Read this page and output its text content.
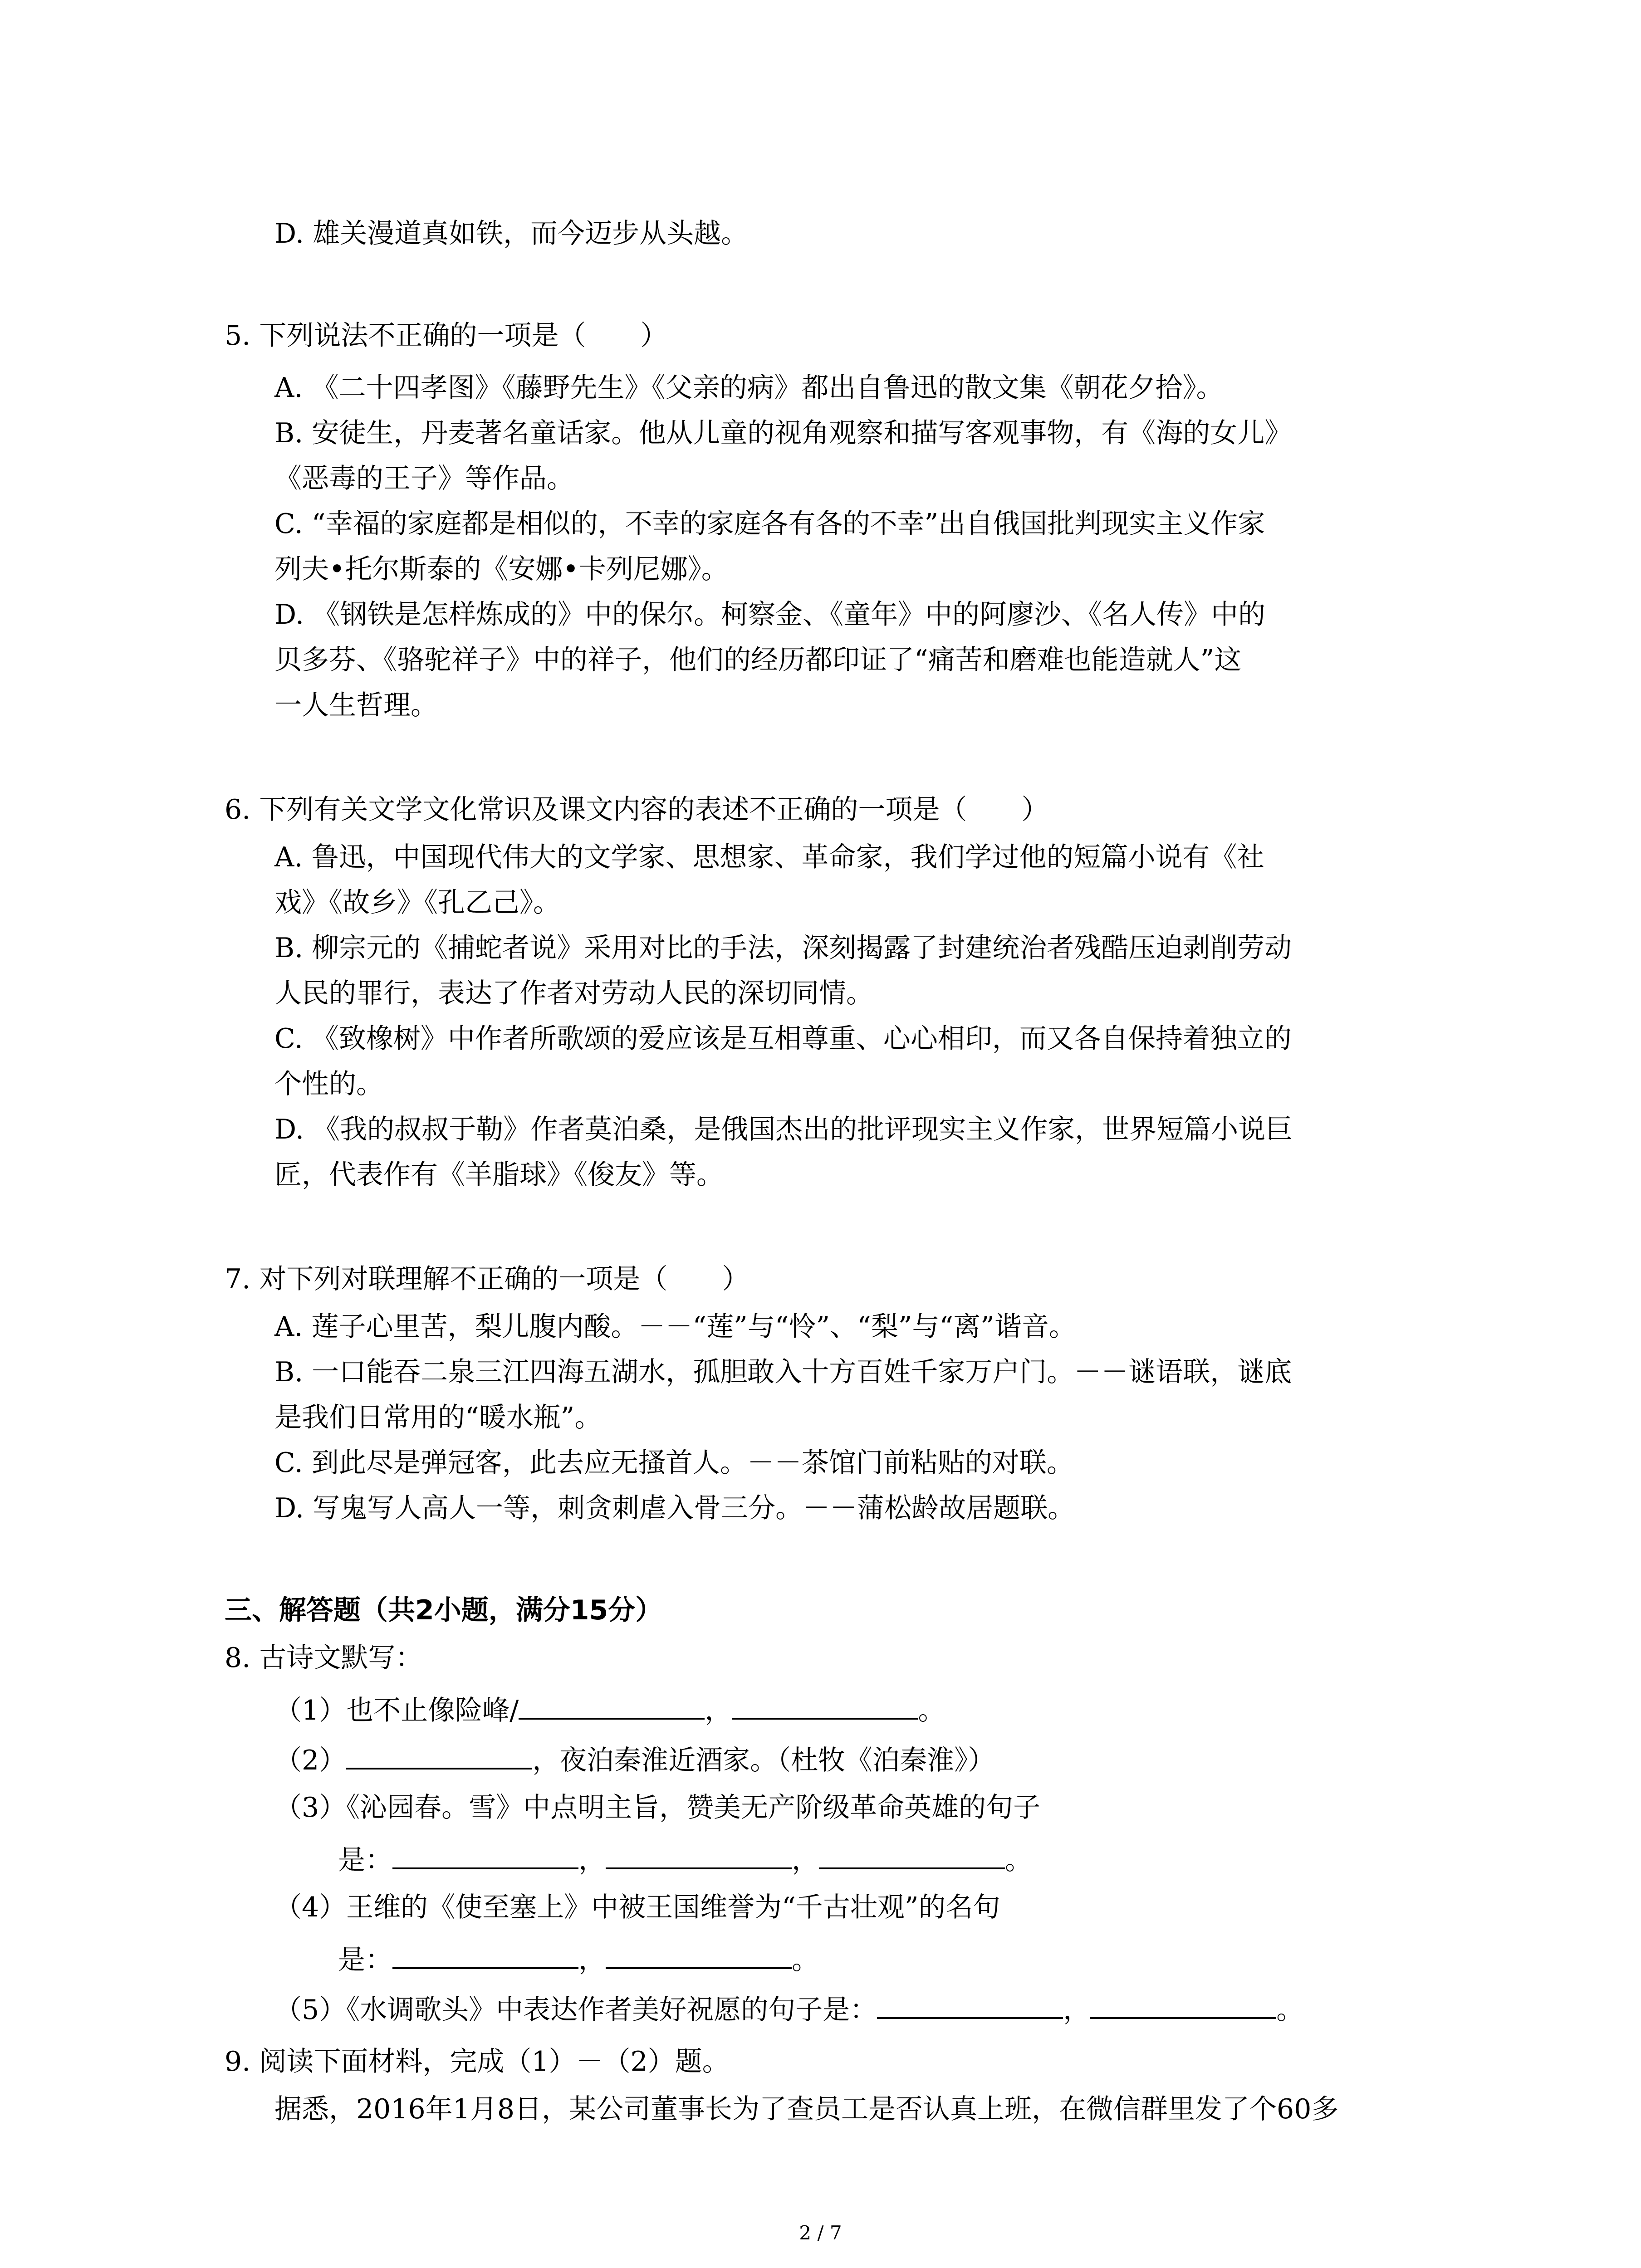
D. 雄关漫道真如铁，而今迈步从头越。
5. 下列说法不正确的一项是（　　）
A. 《二十四孝图》《藤野先生》《父亲的病》都出自鲁迅的散文集《朝花夕拾》。
B. 安徒生，丹麦著名童话家。他从儿童的视角观察和描写客观事物，有《海的女儿》
《恶毒的王子》等作品。
C. “幸福的家庭都是相似的，不幸的家庭各有各的不幸”出自俄国批判现实主义作家
列夫•托尔斯泰的《安娜•卡列尼娜》。
D. 《钢铁是怎样炼成的》中的保尔。柯察金、《童年》中的阿廖沙、《名人传》中的
贝多芬、《骆驼祥子》中的祥子，他们的经历都印证了“痛苦和磨难也能造就人”这
一人生哲理。
6. 下列有关文学文化常识及课文内容的表述不正确的一项是（　　）
A. 鲁迅，中国现代伟大的文学家、思想家、革命家，我们学过他的短篇小说有《社
戏》《故乡》《孔乙己》。
B. 柳宗元的《捕蛇者说》采用对比的手法，深刻揭露了封建统治者残酷压迫剥削劳动
人民的罪行，表达了作者对劳动人民的深切同情。
C. 《致橡树》中作者所歌颂的爱应该是互相尊重、心心相印，而又各自保持着独立的
个性的。
D. 《我的叔叔于勒》作者莫泊桑，是俄国杰出的批评现实主义作家，世界短篇小说巨
匠，代表作有《羊脂球》《俊友》等。
7. 对下列对联理解不正确的一项是（　　）
A. 莲子心里苦，梨儿腹内酸。－－“莲”与“怜”、“梨”与“离”谐音。
B. 一口能吞二泉三江四海五湖水，孤胆敢入十方百姓千家万户门。－－谜语联，谜底
是我们日常用的“暖水瓶”。
C. 到此尽是弹冠客，此去应无搔首人。－－茶馆门前粘贴的对联。
D. 写鬼写人高人一等，刺贪刺虐入骨三分。－－蒲松龄故居题联。
三、解答题（共2小题，满分15分）
8. 古诗文默写：
（1）也不止像险峰/	，	。
（2）	，夜泊秦淮近酒家。（杜牧《泊秦淮》）
（3）《沁园春。雪》中点明主旨，赞美无产阶级革命英雄的句子
是：	，	，	。
（4）王维的《使至塞上》中被王国维誉为“千古壮观”的名句
是：	，	。
（5）《水调歌头》中表达作者美好祝愿的句子是：	，	。
9. 阅读下面材料，完成（1）－（2）题。
据悉，2016年1月8日，某公司董事长为了查员工是否认真上班，在微信群里发了个60多
2 / 7
